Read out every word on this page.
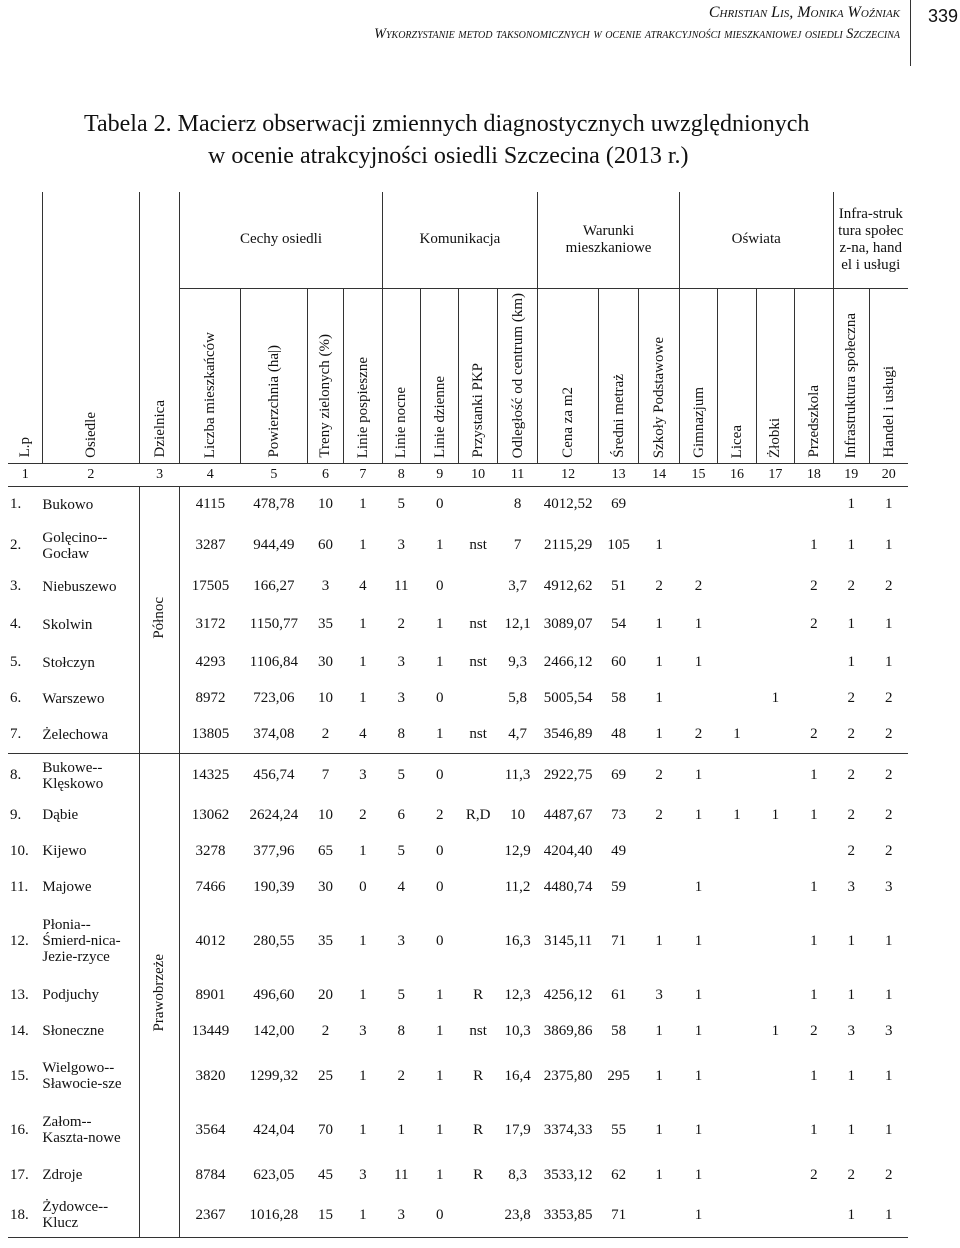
Christian Lis, Monika Woźniak
Wykorzystanie metod taksonomicznych w ocenie atrakcyjności mieszkaniowej osiedli Szczecina
339
Tabela 2. Macierz obserwacji zmiennych diagnostycznych uwzględnionych
w ocenie atrakcyjności osiedli Szczecina (2013 r.)
			Cechy osiedli				Komunikacja				Warunki mieszkaniowe			Oświata				Infra-struktura społecz-na, handel i usługi	
L.p	Osiedle	Dzielnica	Liczba mieszkańców	Powierzchnia (ha|)	Treny zielonych (%)	Linie pospieszne	Linie nocne	Linie dzienne	Przystanki PKP	Odległość od centrum (km)	Cena za m2	Średni metraż	Szkoły Podstawowe	Gimnazjum	Licea	Żłobki	Przedszkola	Infrastruktura społeczna	Handel i usługi
1	2	3	4	5	6	7	8	9	10	11	12	13	14	15	16	17	18	19	20
1.	Bukowo	Północ	4115	478,78	10	1	5	0		8	4012,52	69						1	1
2.	Golęcino--Gocław		3287	944,49	60	1	3	1	nst	7	2115,29	105	1				1	1	1
3.	Niebuszewo		17505	166,27	3	4	11	0		3,7	4912,62	51	2	2			2	2	2
4.	Skolwin		3172	1150,77	35	1	2	1	nst	12,1	3089,07	54	1	1			2	1	1
5.	Stołczyn		4293	1106,84	30	1	3	1	nst	9,3	2466,12	60	1	1				1	1
6.	Warszewo		8972	723,06	10	1	3	0		5,8	5005,54	58	1			1		2	2
7.	Żelechowa		13805	374,08	2	4	8	1	nst	4,7	3546,89	48	1	2	1		2	2	2
8.	Bukowe--Klęskowo	Prawobrzeże	14325	456,74	7	3	5	0		11,3	2922,75	69	2	1			1	2	2
9.	Dąbie		13062	2624,24	10	2	6	2	R,D	10	4487,67	73	2	1	1	1	1	2	2
10.	Kijewo		3278	377,96	65	1	5	0		12,9	4204,40	49						2	2
11.	Majowe		7466	190,39	30	0	4	0		11,2	4480,74	59		1			1	3	3
12.	Płonia--Śmierd-nica-Jezie-rzyce		4012	280,55	35	1	3	0		16,3	3145,11	71	1	1			1	1	1
13.	Podjuchy		8901	496,60	20	1	5	1	R	12,3	4256,12	61	3	1			1	1	1
14.	Słoneczne		13449	142,00	2	3	8	1	nst	10,3	3869,86	58	1	1		1	2	3	3
15.	Wielgowo--Sławocie-sze		3820	1299,32	25	1	2	1	R	16,4	2375,80	295	1	1			1	1	1
16.	Załom--Kaszta-nowe		3564	424,04	70	1	1	1	R	17,9	3374,33	55	1	1			1	1	1
17.	Zdroje		8784	623,05	45	3	11	1	R	8,3	3533,12	62	1	1			2	2	2
18.	Żydowce--Klucz		2367	1016,28	15	1	3	0		23,8	3353,85	71		1				1	1
